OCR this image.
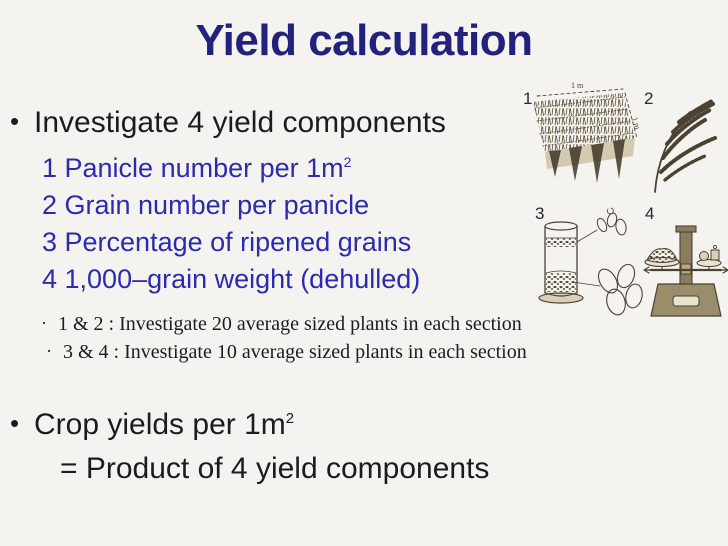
Yield calculation
• Investigate 4 yield components
1 Panicle number per $1m^2$
2 Grain number per panicle
3 Percentage of ripened grains
4 1,000–grain weight (dehulled)
· 1 & 2 : Investigate 20 average sized plants in each section
· 3 & 4 : Investigate 10 average sized plants in each section
• Crop yields per $1m^2$
= Product of 4 yield components
1
1 m
1 m
2
3	4
